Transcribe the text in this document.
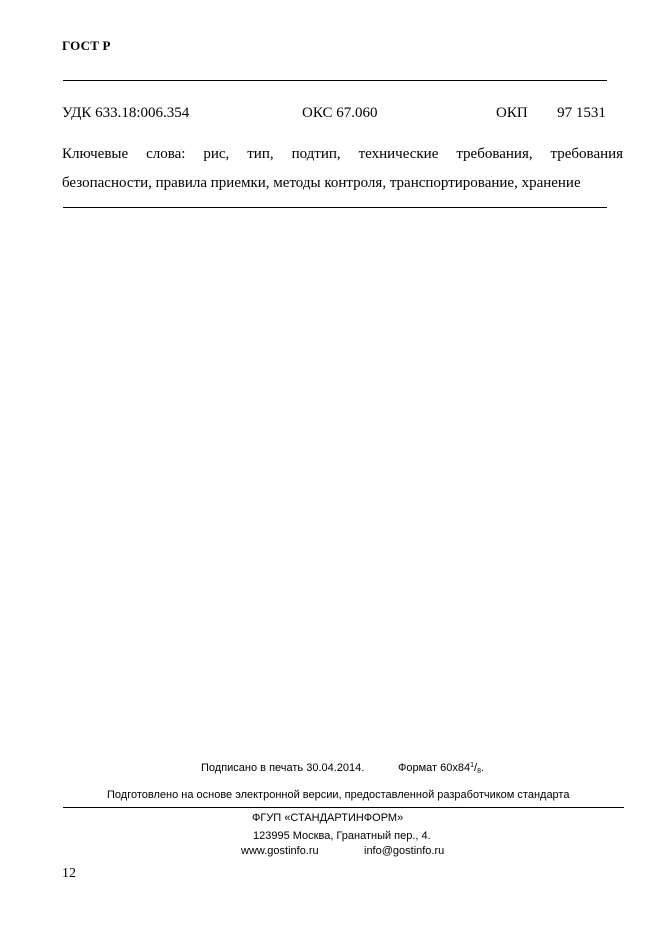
ГОСТ Р
УДК 633.18:006.354	ОКС 67.060	ОКП 97 1531
Ключевые слова: рис, тип, подтип, технические требования, требования
безопасности, правила приемки, методы контроля, транспортирование, хранение
Подписано в печать 30.04.2014.	Формат $60х84^1/_8$.
Подготовлено на основе электронной версии, предоставленной разработчиком стандарта
ФГУП «СТАНДАРТИНФОРМ»
123995 Москва, Гранатный пер., 4.
www.gostinfo.ru	info@gostinfo.ru
12
